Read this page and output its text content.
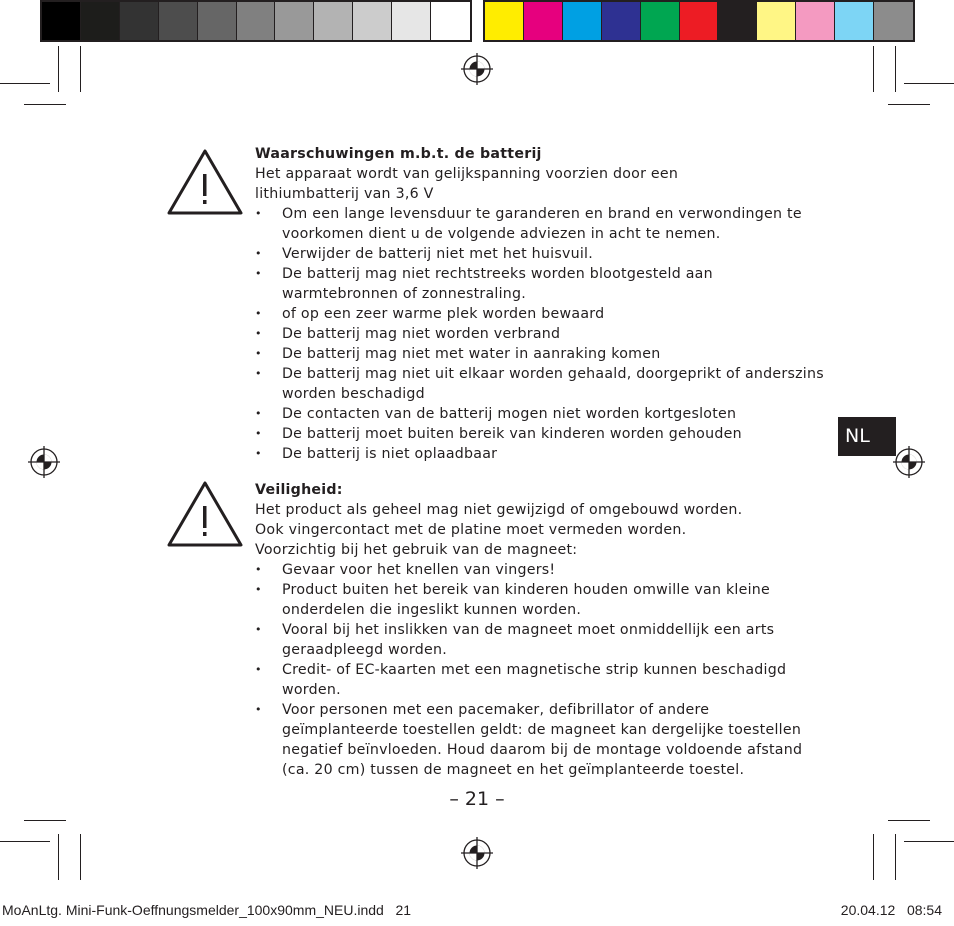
Waarschuwingen m.b.t. de batterij
Het apparaat wordt van gelijkspanning voorzien door een
lithiumbatterij van 3,6 V
• Om een lange levensduur te garanderen en brand en verwondingen te voorkomen dient u de volgende adviezen in acht te nemen.
• Verwijder de batterij niet met het huisvuil.
• De batterij mag niet rechtstreeks worden blootgesteld aan warmtebronnen of zonnestraling.
• of op een zeer warme plek worden bewaard
• De batterij mag niet worden verbrand
• De batterij mag niet met water in aanraking komen
• De batterij mag niet uit elkaar worden gehaald, doorgeprikt of anderszins worden beschadigd
• De contacten van de batterij mogen niet worden kortgesloten
• De batterij moet buiten bereik van kinderen worden gehouden
• De batterij is niet oplaadbaar
Veiligheid:
Het product als geheel mag niet gewijzigd of omgebouwd worden.
Ook vingercontact met de platine moet vermeden worden.
Voorzichtig bij het gebruik van de magneet:
• Gevaar voor het knellen van vingers!
• Product buiten het bereik van kinderen houden omwille van kleine onderdelen die ingeslikt kunnen worden.
• Vooral bij het inslikken van de magneet moet onmiddellijk een arts geraadpleegd worden.
• Credit- of EC-kaarten met een magnetische strip kunnen beschadigd worden.
• Voor personen met een pacemaker, defibrillator of andere geïmplanteerde toestellen geldt: de magneet kan dergelijke toestellen negatief beïnvloeden. Houd daarom bij de montage voldoende afstand (ca. 20 cm) tussen de magneet en het geïmplanteerde toestel.
– 21 –
NL
MoAnLtg. Mini-Funk-Oeffnungsmelder_100x90mm_NEU.indd   21	20.04.12   08:54
